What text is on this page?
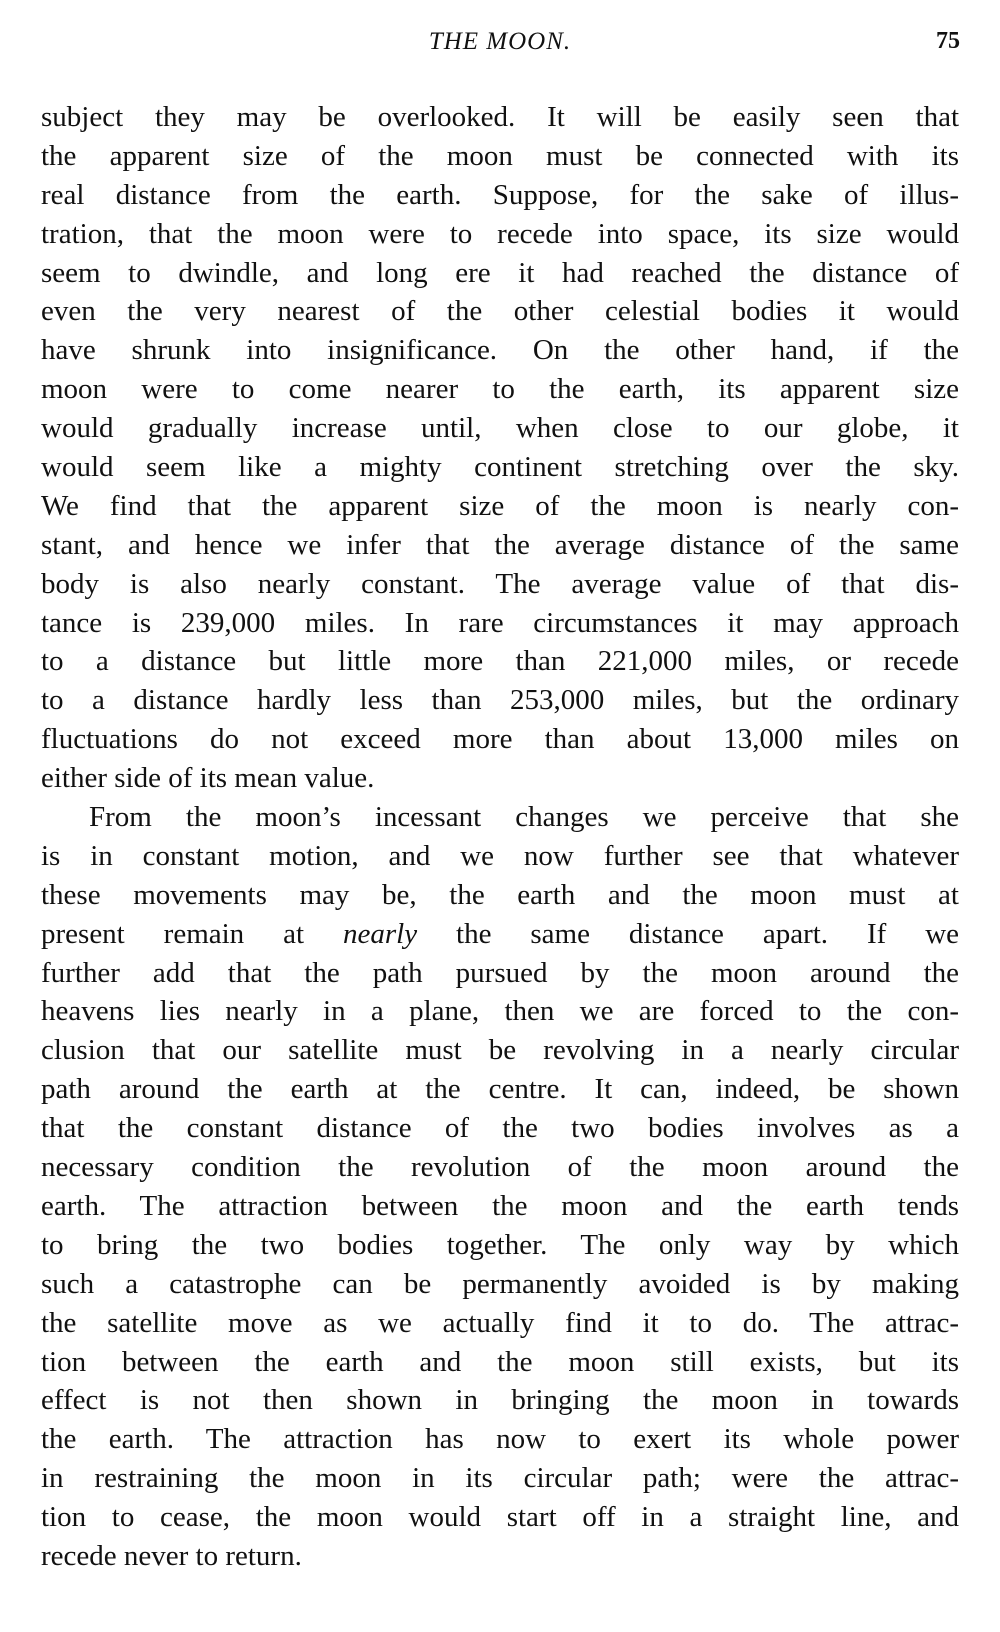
THE MOON.	75
subject they may be overlooked. It will be easily seen that
the apparent size of the moon must be connected with its
real distance from the earth. Suppose, for the sake of illus-
tration, that the moon were to recede into space, its size would
seem to dwindle, and long ere it had reached the distance of
even the very nearest of the other celestial bodies it would
have shrunk into insignificance. On the other hand, if the
moon were to come nearer to the earth, its apparent size
would gradually increase until, when close to our globe, it
would seem like a mighty continent stretching over the sky.
We find that the apparent size of the moon is nearly con-
stant, and hence we infer that the average distance of the same
body is also nearly constant. The average value of that dis-
tance is 239,000 miles. In rare circumstances it may approach
to a distance but little more than 221,000 miles, or recede
to a distance hardly less than 253,000 miles, but the ordinary
fluctuations do not exceed more than about 13,000 miles on
either side of its mean value.
From the moon’s incessant changes we perceive that she
is in constant motion, and we now further see that whatever
these movements may be, the earth and the moon must at
present remain at nearly the same distance apart. If we
further add that the path pursued by the moon around the
heavens lies nearly in a plane, then we are forced to the con-
clusion that our satellite must be revolving in a nearly circular
path around the earth at the centre. It can, indeed, be shown
that the constant distance of the two bodies involves as a
necessary condition the revolution of the moon around the
earth. The attraction between the moon and the earth tends
to bring the two bodies together. The only way by which
such a catastrophe can be permanently avoided is by making
the satellite move as we actually find it to do. The attrac-
tion between the earth and the moon still exists, but its
effect is not then shown in bringing the moon in towards
the earth. The attraction has now to exert its whole power
in restraining the moon in its circular path; were the attrac-
tion to cease, the moon would start off in a straight line, and
recede never to return.
